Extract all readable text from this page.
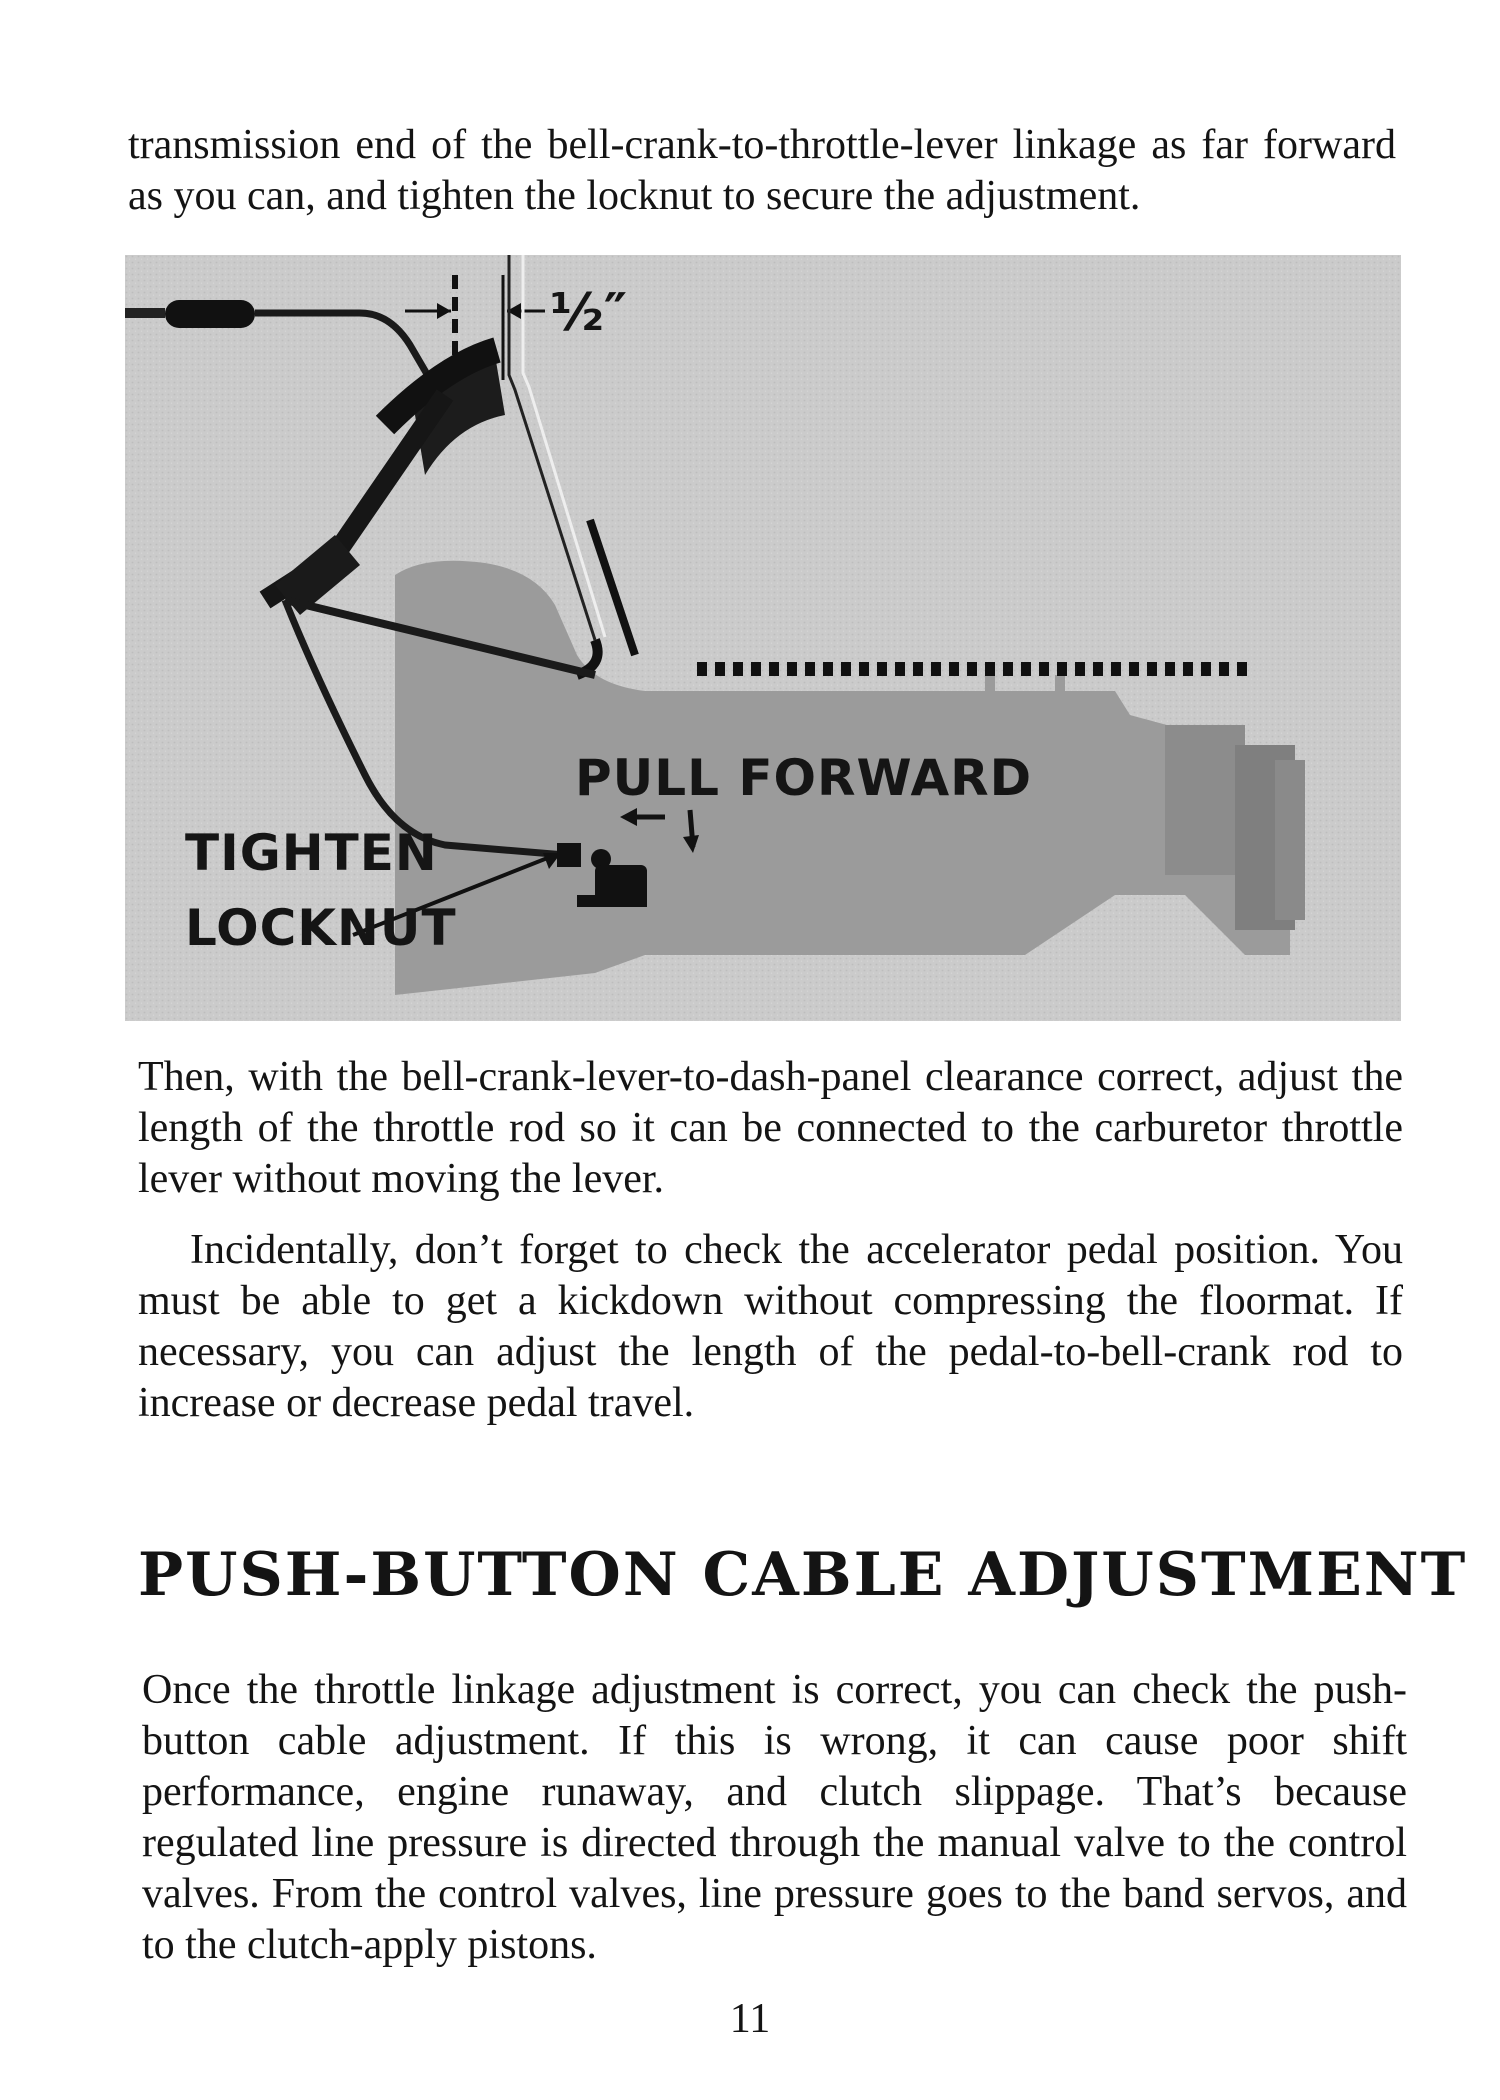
transmission end of the bell-crank-to-throttle-lever linkage as far forward as you can, and tighten the locknut to secure the adjustment.

½″
PULL FORWARD
TIGHTEN
LOCKNUT

Then, with the bell-crank-lever-to-dash-panel clearance correct, adjust the length of the throttle rod so it can be connected to the carburetor throttle lever without moving the lever.

Incidentally, don’t forget to check the accelerator pedal position. You must be able to get a kickdown without compressing the floormat. If necessary, you can adjust the length of the pedal-to-bell-crank rod to increase or decrease pedal travel.

PUSH-BUTTON CABLE ADJUSTMENT

Once the throttle linkage adjustment is correct, you can check the push-button cable adjustment. If this is wrong, it can cause poor shift performance, engine runaway, and clutch slippage. That’s because regulated line pressure is directed through the manual valve to the control valves. From the control valves, line pressure goes to the band servos, and to the clutch-apply pistons.

11
